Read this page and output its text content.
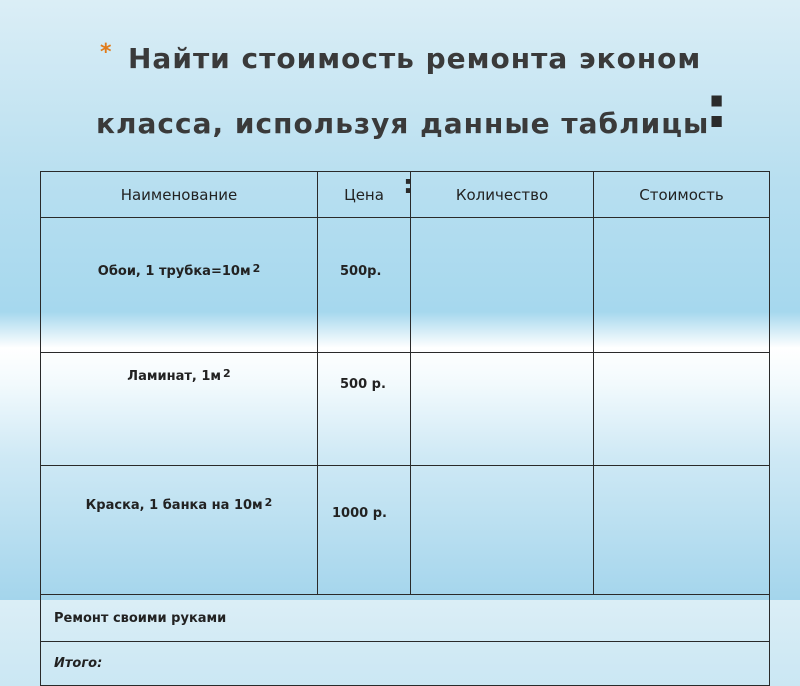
* Найти стоимость ремонта эконом
класса, используя данные таблицы
:
Наименование	Цена	Количество	Стоимость
Обои, 1 трубка=10м $^2$	500р.		
Ламинат, 1м $^2$	500 р.		
Краска, 1 банка на 10м $^2$	1000 р.		
Ремонт своими руками			
Итого:			
:
